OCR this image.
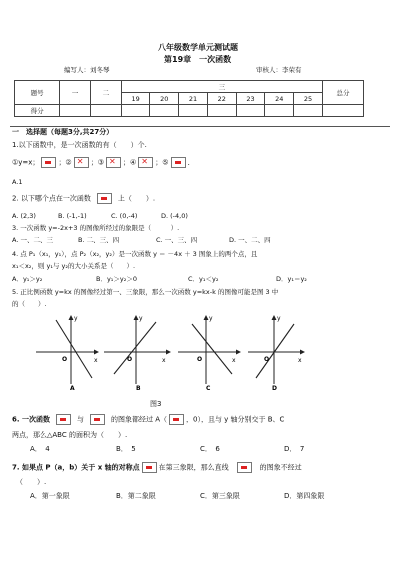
八年级数学单元测试题
第19章　一次函数
编写人：刘冬琴	审核人：李荣有
题号	一	二	三							总分
			19	20	21	22	23	24	25	
得分										
一　选择题（每题3分,共27分）
1.以下函数中，是一次函数的有（　　）个.
①y=x；	；② ✕	；③ ✕	；④ ✕	；⑤	．
A.1
2. 以下哪个点在一次函数	上（　　）.
A. (2,3)	B. (-1,-1)	C. (0,-4)	D. (-4,0)
3. 一次函数 y=-2x+3 的图像所经过的象限是（　　　）.
A. 一、二、三	B. 二、三、四	C. 一、三、四	D. 一、二、四
4. 点 P₁（x₁，y₁），点 P₂（x₂，y₂）是一次函数 y ＝ －4x ＋ 3 图象上的两个点，且
x₁＜x₂，则 y₁与 y₂的大小关系是（　　）.
A．y₁＞y₂	B．y₁＞y₂＞0	C．y₁＜y₂	D．y₁＝y₂
5. 正比例函数 y=kx 的图像经过第一、三象限，那么一次函数 y=kx-k 的图像可能是图 3 中
的（　　）.
y
O	x
A
y
O	x
B
y
O	x
C
y
O	x
D
图3
6. 一次函数	与	的图象都经过 A（	，0），且与 y 轴分别交于 B、C
两点，那么△ABC 的面积为（　　）.
A．　4	B．　5	C．　6	D．　7
7. 如果点 P（a，b）关于 x 轴的对称点	在第三象限，那么直线	的图象不经过
（　　）.
A．第一象限	B．第二象限	C．第三象限	D．第四象限
